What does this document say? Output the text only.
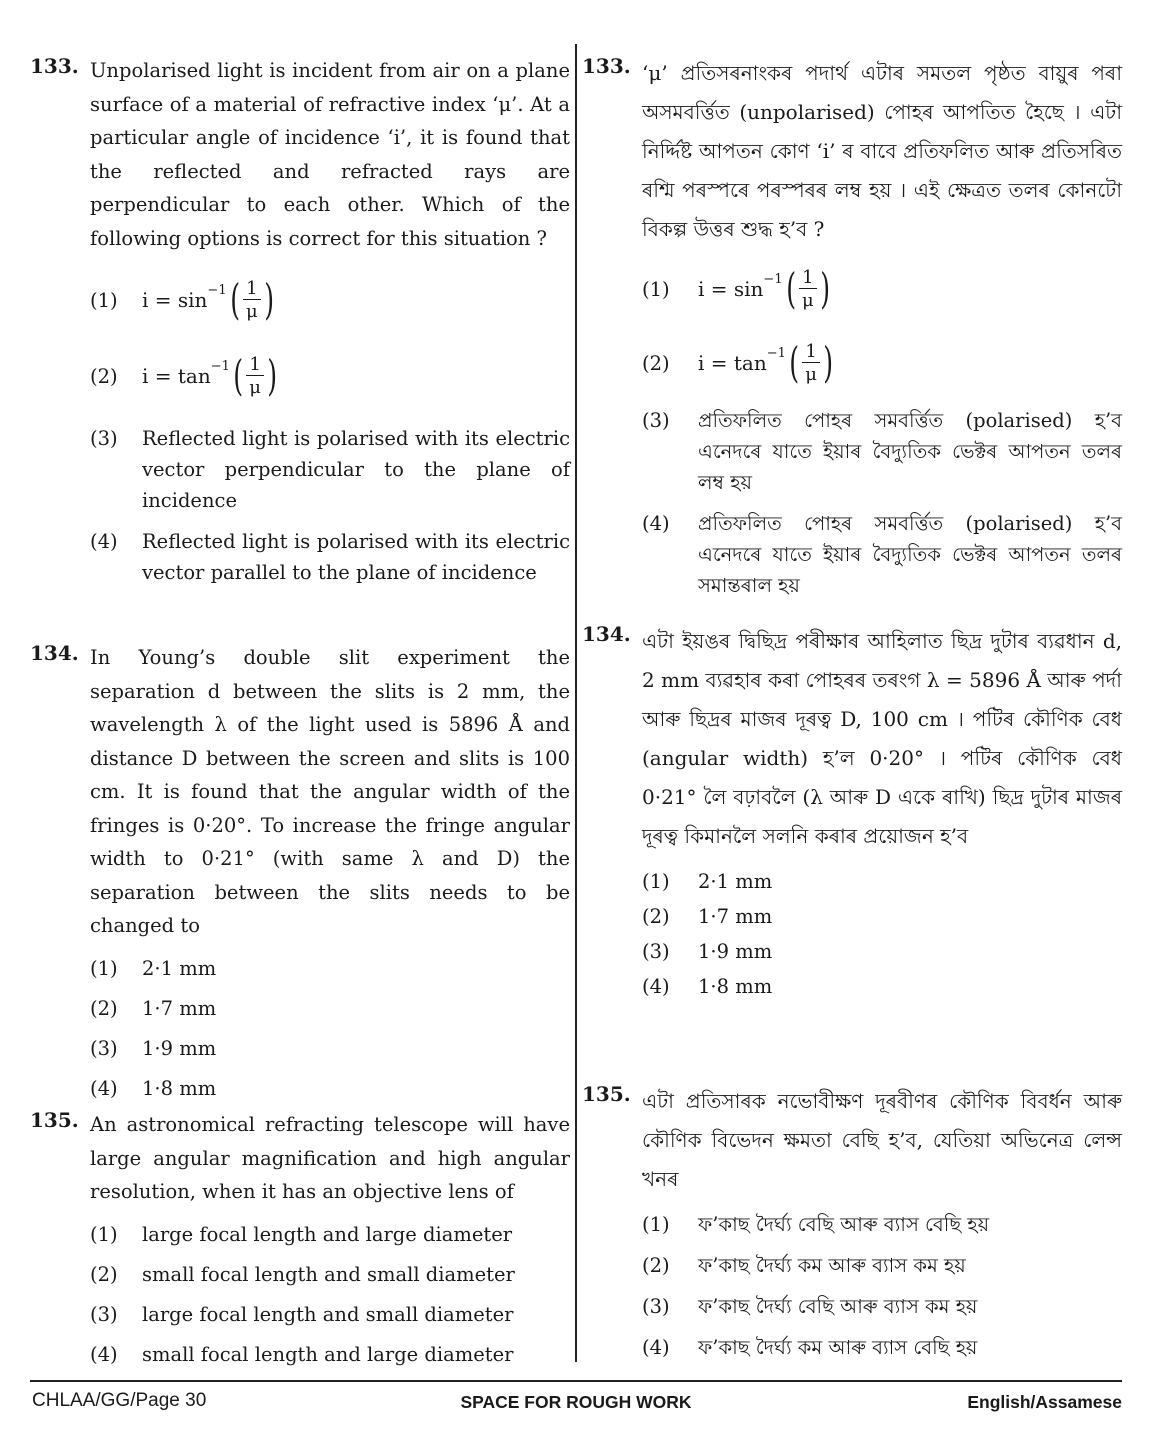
133. Unpolarised light is incident from air on a plane surface of a material of refractive index ‘μ’. At a particular angle of incidence ‘i’, it is found that the reflected and refracted rays are perpendicular to each other. Which of the following options is correct for this situation ?
(1)	i = sin −1 ( $\frac{1}{\mu}$ )
(2)	i = tan −1 ( $\frac{1}{\mu}$ )
(3)	Reflected light is polarised with its electric vector perpendicular to the plane of incidence
(4)	Reflected light is polarised with its electric vector parallel to the plane of incidence
134. In Young’s double slit experiment the separation d between the slits is 2 mm, the wavelength λ of the light used is 5896 Å and distance D between the screen and slits is 100 cm. It is found that the angular width of the fringes is 0·20°. To increase the fringe angular width to 0·21° (with same λ and D) the separation between the slits needs to be changed to
(1)	2·1 mm
(2)	1·7 mm
(3)	1·9 mm
(4)	1·8 mm
135. An astronomical refracting telescope will have large angular magnification and high angular resolution, when it has an objective lens of
(1)	large focal length and large diameter
(2)	small focal length and small diameter
(3)	large focal length and small diameter
(4)	small focal length and large diameter
133. ‘μ’ প্ৰতিসৰনাংকৰ পদাৰ্থ এটাৰ সমতল পৃষ্ঠত বায়ুৰ পৰা অসমবৰ্ত্তিত (unpolarised) পোহৰ আপতিত হৈছে । এটা নিৰ্দ্দিষ্ট আপতন কোণ ‘i’ ৰ বাবে প্ৰতিফলিত আৰু প্ৰতিসৰিত ৰশ্মি পৰস্পৰে পৰস্পৰৰ লম্ব হয় । এই ক্ষেত্ৰত তলৰ কোনটো বিকল্প উত্তৰ শুদ্ধ হ’ব ?
(1)	i = sin −1 ( $\frac{1}{\mu}$ )
(2)	i = tan −1 ( $\frac{1}{\mu}$ )
(3)	প্ৰতিফলিত পোহৰ সমবৰ্ত্তিত (polarised) হ’ব এনেদৰে যাতে ইয়াৰ বৈদ্যুতিক ভেক্টৰ আপতন তলৰ লম্ব হয়
(4)	প্ৰতিফলিত পোহৰ সমবৰ্ত্তিত (polarised) হ’ব এনেদৰে যাতে ইয়াৰ বৈদ্যুতিক ভেক্টৰ আপতন তলৰ সমান্তৰাল হয়
134. এটা ইয়ঙৰ দ্বিছিদ্ৰ পৰীক্ষাৰ আহিলাত ছিদ্ৰ দুটাৰ ব্যৱধান d, 2 mm ব্যৱহাৰ কৰা পোহৰৰ তৰংগ λ = 5896 Å আৰু পৰ্দা আৰু ছিদ্ৰৰ মাজৰ দূৰত্ব D, 100 cm । পটিৰ কৌণিক বেধ (angular width) হ’ল 0·20° । পটিৰ কৌণিক বেধ 0·21° লৈ বঢ়াবলৈ (λ আৰু D একে ৰাখি) ছিদ্ৰ দুটাৰ মাজৰ দূৰত্ব কিমানলৈ সলনি কৰাৰ প্ৰয়োজন হ’ব
(1)	2·1 mm
(2)	1·7 mm
(3)	1·9 mm
(4)	1·8 mm
135. এটা প্ৰতিসাৰক নভোবীক্ষণ দূৰবীণৰ কৌণিক বিবৰ্ধন আৰু কৌণিক বিভেদন ক্ষমতা বেছি হ’ব, যেতিয়া অভিনেত্ৰ লেন্স খনৰ
(1)	ফ’কাছ দৈৰ্ঘ্য বেছি আৰু ব্যাস বেছি হয়
(2)	ফ’কাছ দৈৰ্ঘ্য কম আৰু ব্যাস কম হয়
(3)	ফ’কাছ দৈৰ্ঘ্য বেছি আৰু ব্যাস কম হয়
(4)	ফ’কাছ দৈৰ্ঘ্য কম আৰু ব্যাস বেছি হয়
CHLAA/GG/Page 30	SPACE FOR ROUGH WORK	English/Assamese
